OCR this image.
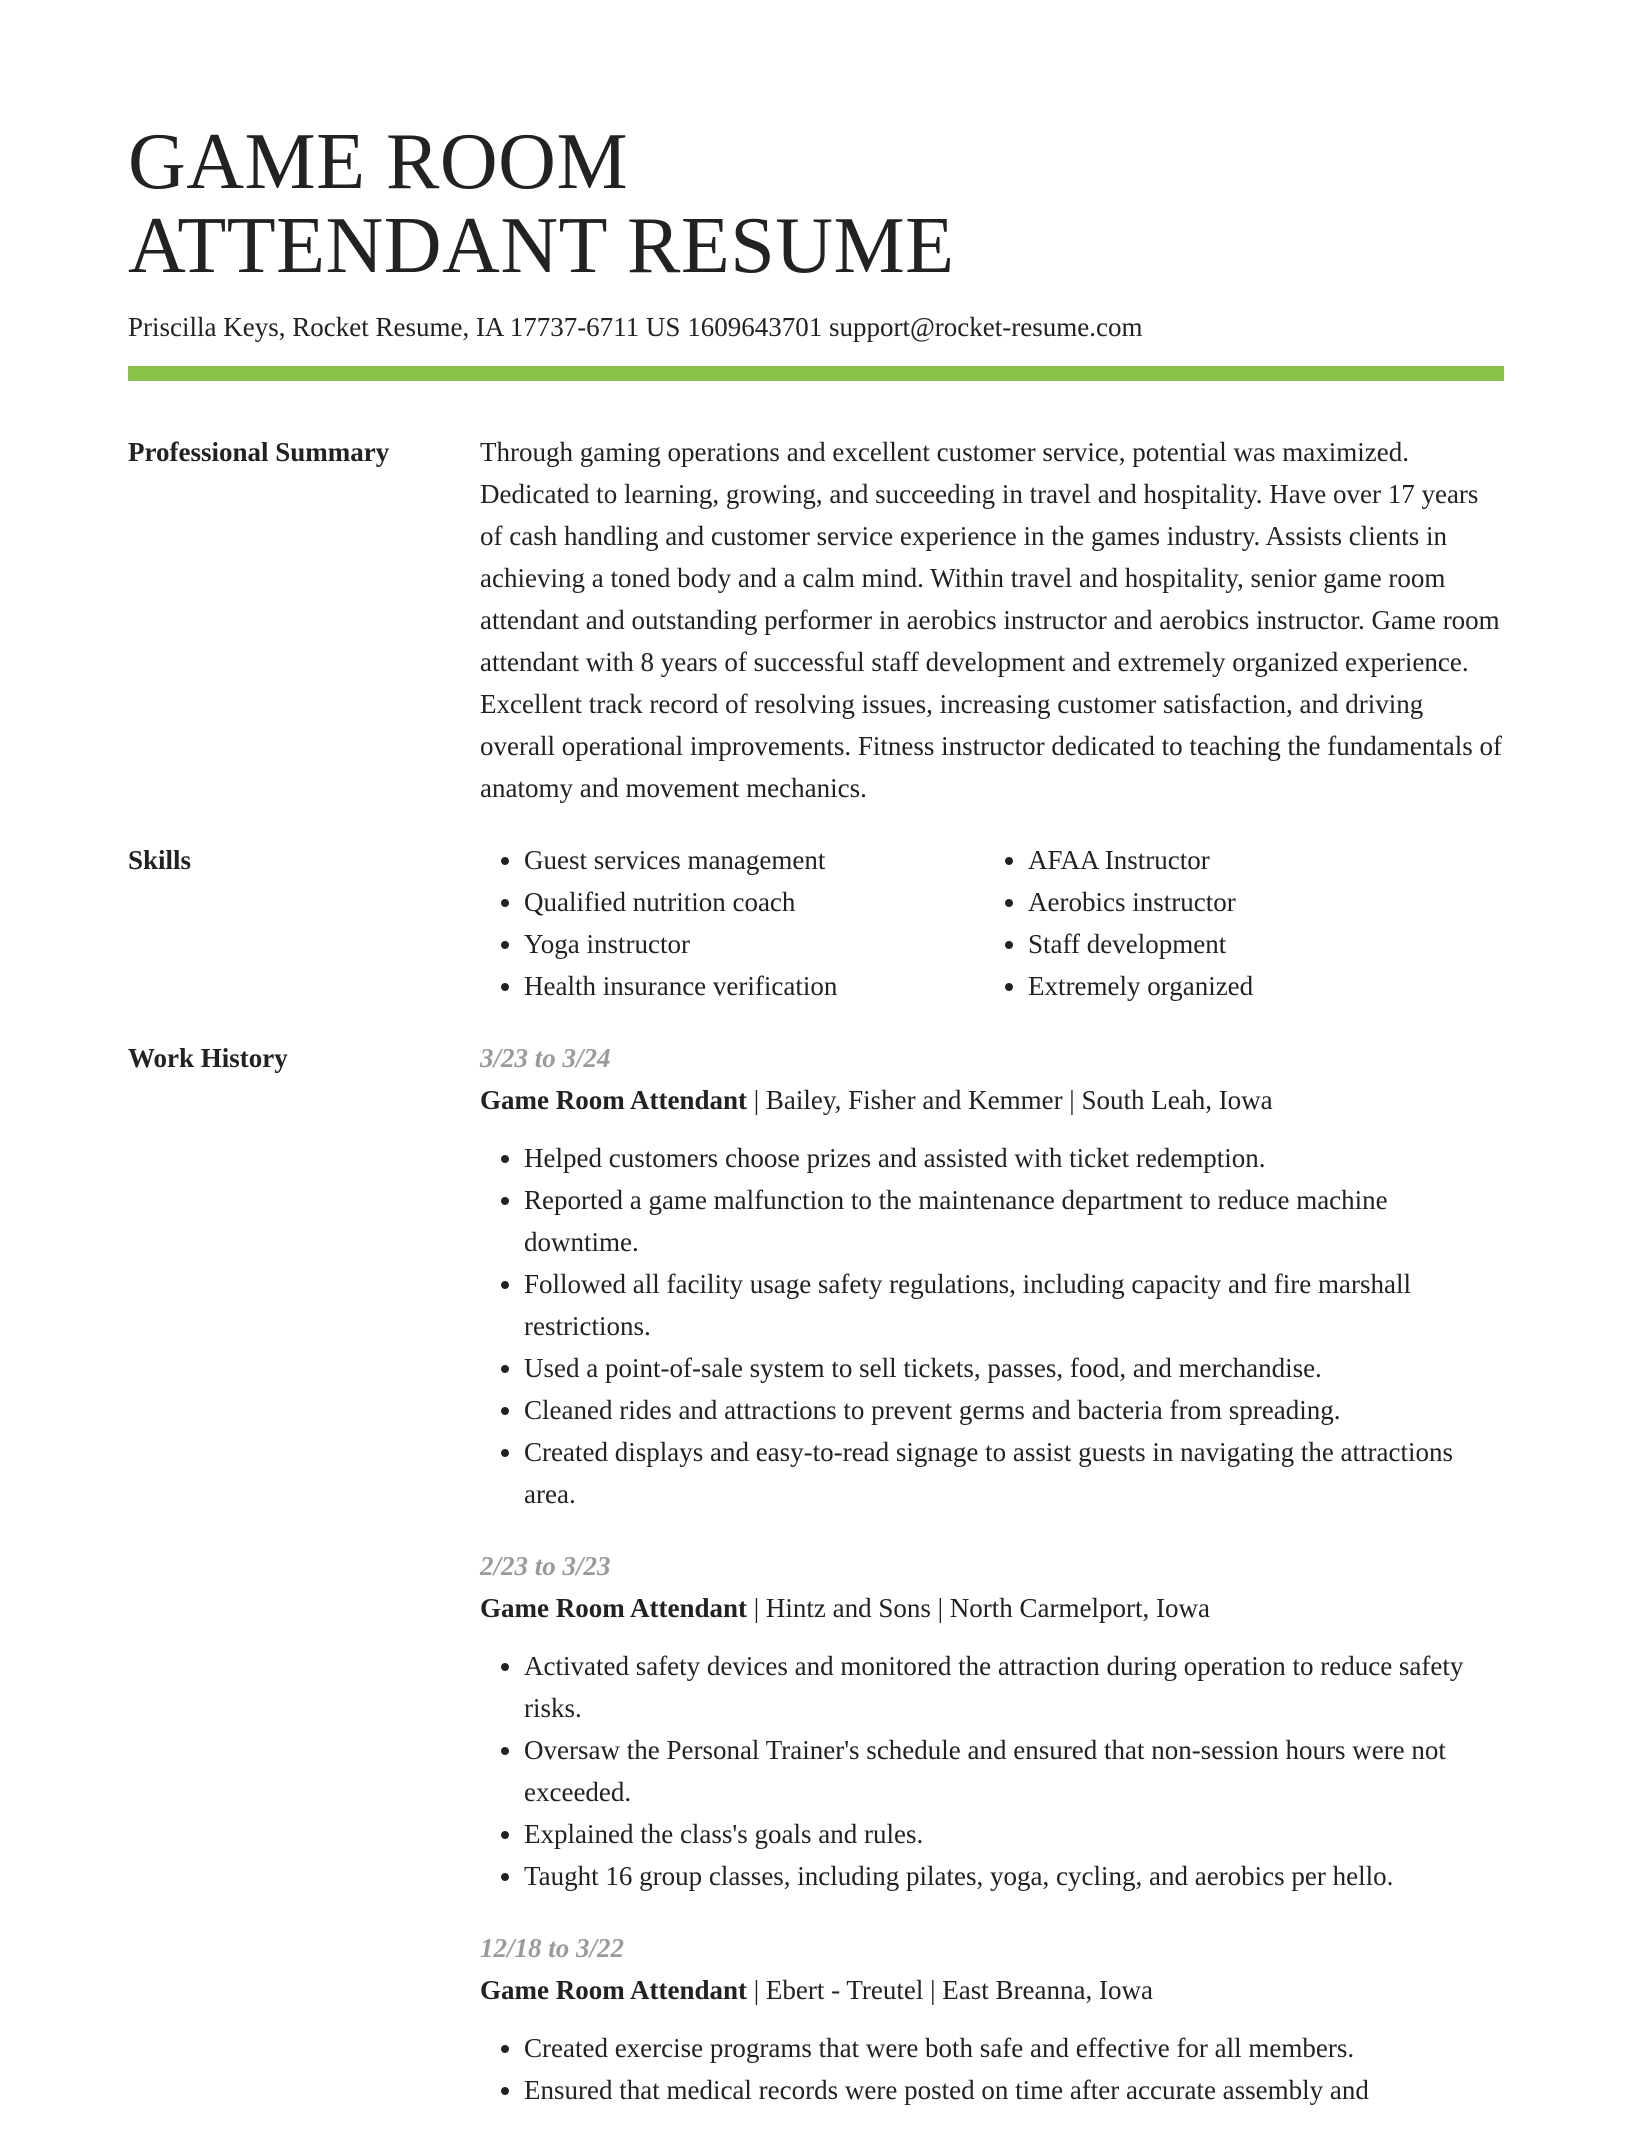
GAME ROOM
ATTENDANT RESUME
Priscilla Keys, Rocket Resume, IA 17737-6711 US 1609643701 support@rocket-resume.com
Professional Summary	Through gaming operations and excellent customer service, potential was maximized. Dedicated to learning, growing, and succeeding in travel and hospitality. Have over 17 years of cash handling and customer service experience in the games industry. Assists clients in achieving a toned body and a calm mind. Within travel and hospitality, senior game room attendant and outstanding performer in aerobics instructor and aerobics instructor. Game room attendant with 8 years of successful staff development and extremely organized experience. Excellent track record of resolving issues, increasing customer satisfaction, and driving overall operational improvements. Fitness instructor dedicated to teaching the fundamentals of anatomy and movement mechanics.
Skills
•	Guest services management
• Qualified nutrition coach
• Yoga instructor
• Health insurance verification
• AFAA Instructor
• Aerobics instructor
• Staff development
• Extremely organized
Work History	3/23 to 3/24
Game Room Attendant | Bailey, Fisher and Kemmer | South Leah, Iowa
• Helped customers choose prizes and assisted with ticket redemption.
• Reported a game malfunction to the maintenance department to reduce machine downtime.
• Followed all facility usage safety regulations, including capacity and fire marshall restrictions.
• Used a point-of-sale system to sell tickets, passes, food, and merchandise.
• Cleaned rides and attractions to prevent germs and bacteria from spreading.
• Created displays and easy-to-read signage to assist guests in navigating the attractions area.
2/23 to 3/23
Game Room Attendant | Hintz and Sons | North Carmelport, Iowa
• Activated safety devices and monitored the attraction during operation to reduce safety risks.
• Oversaw the Personal Trainer's schedule and ensured that non-session hours were not exceeded.
• Explained the class's goals and rules.
• Taught 16 group classes, including pilates, yoga, cycling, and aerobics per hello.
12/18 to 3/22
Game Room Attendant | Ebert - Treutel | East Breanna, Iowa
• Created exercise programs that were both safe and effective for all members.
• Ensured that medical records were posted on time after accurate assembly and
